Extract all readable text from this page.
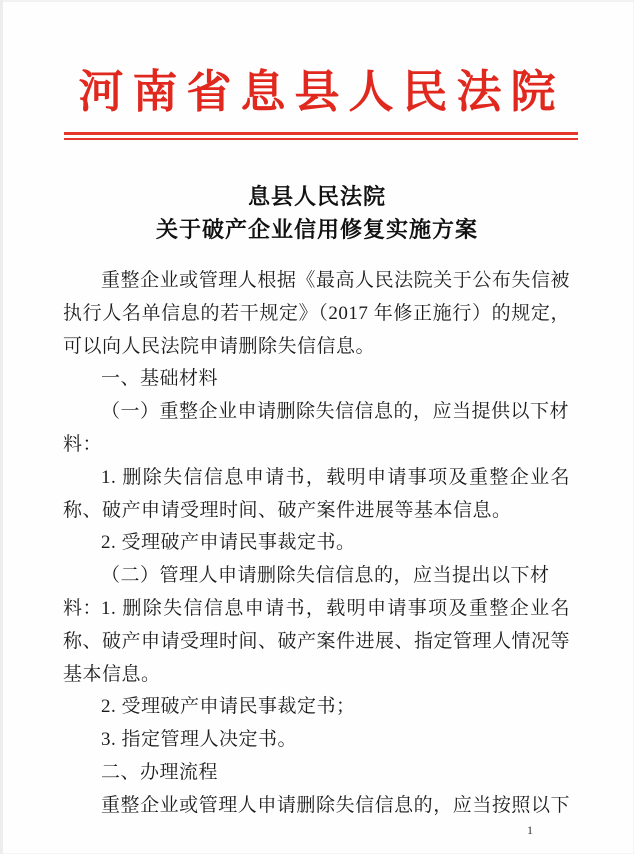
河南省息县人民法院
息县人民法院
关于破产企业信用修复实施方案
重整企业或管理人根据《最高人民法院关于公布失信被
执行人名单信息的若干规定》（2017 年修正施行）的规定，
可以向人民法院申请删除失信信息。
一、基础材料
（一）重整企业申请删除失信信息的，应当提供以下材
料：
1. 删除失信信息申请书，载明申请事项及重整企业名
称、破产申请受理时间、破产案件进展等基本信息。
2. 受理破产申请民事裁定书。
（二）管理人申请删除失信信息的，应当提出以下材料：
1. 删除失信信息申请书，载明申请事项及重整企业名
称、破产申请受理时间、破产案件进展、指定管理人情况等
基本信息。
2. 受理破产申请民事裁定书；
3. 指定管理人决定书。
二、办理流程
重整企业或管理人申请删除失信信息的，应当按照以下
1
